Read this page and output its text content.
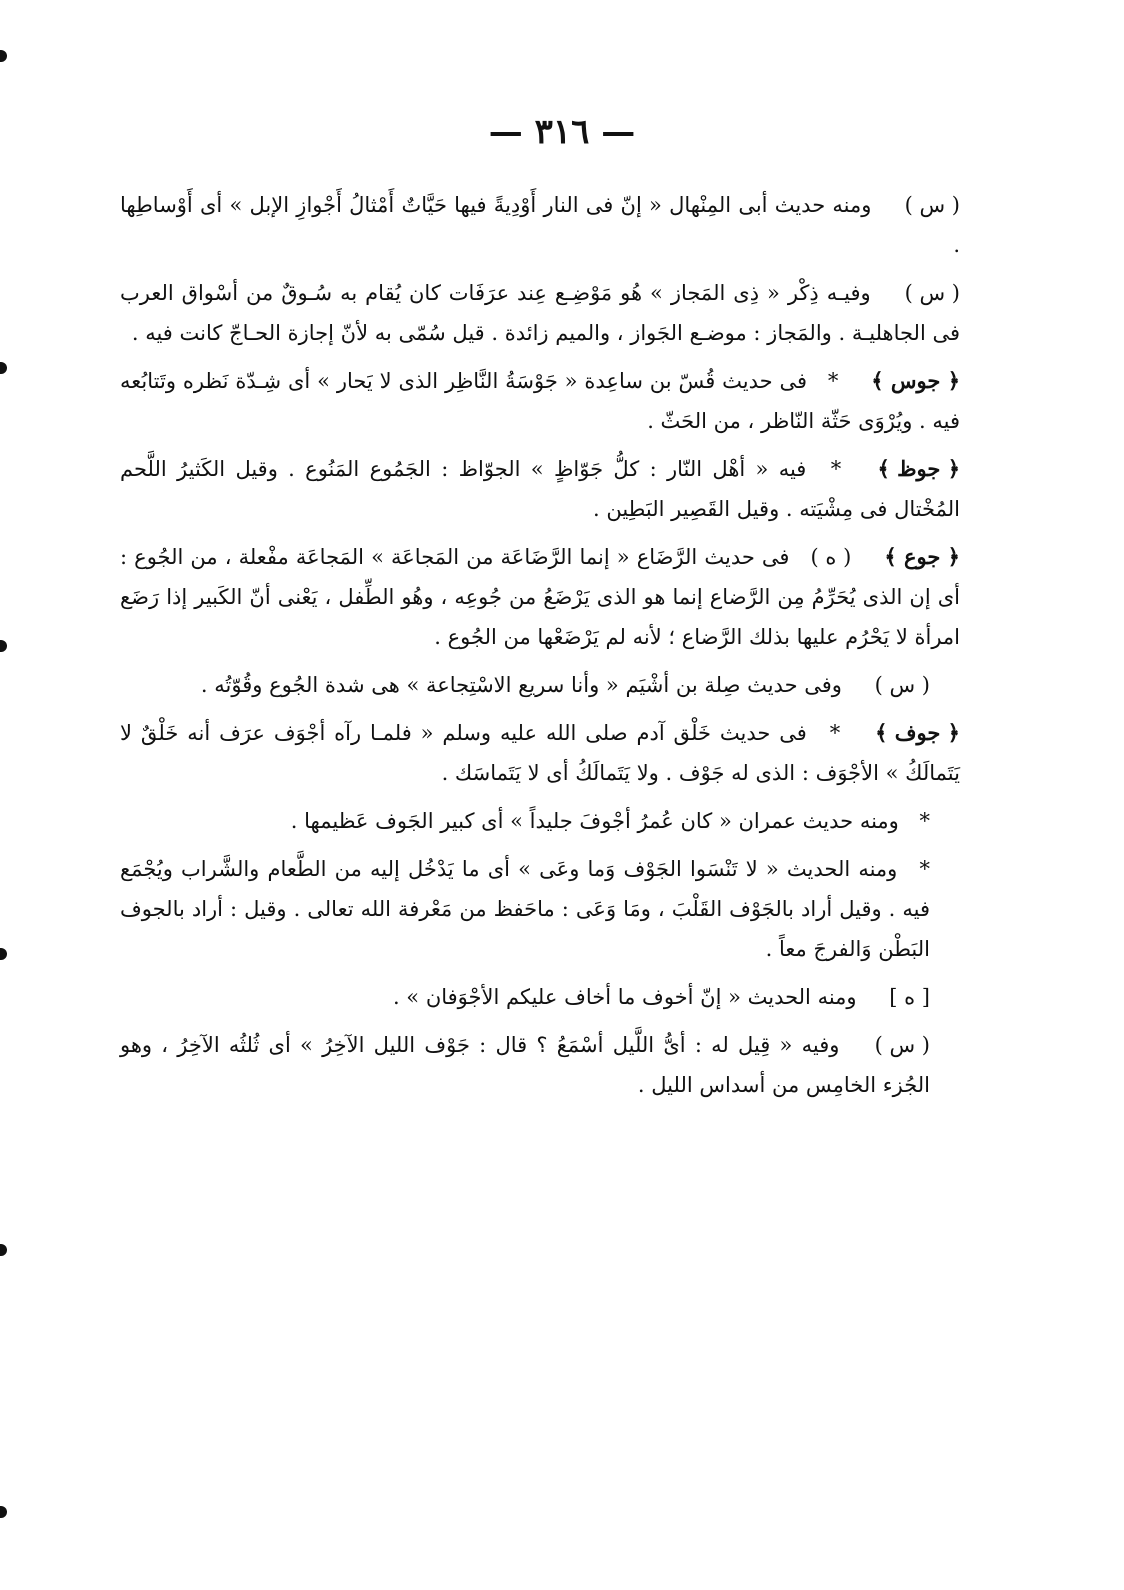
— ٣١٦ —

( س ) ومنه حديث أبى المِنْهال « إنّ فى النار أَوْدِيةً فيها حَيَّاتٌ أَمْثالُ أَجْوازِ الإبل » أى أَوْساطِها .

( س ) وفيـه ذِكْر « ذِى المَجاز » هُو مَوْضِـع عِند عرَفَات كان يُقام به سُـوقٌ من أسْواق العرب فى الجاهليـة . والمَجاز : موضـع الجَواز ، والميم زائدة . قيل سُمّى به لأنّ إجازة الحـاجّ كانت فيه .

﴿ جوس ﴾ * فى حديث قُسّ بن ساعِدة « جَوْسَةُ النَّاظِر الذى لا يَحار » أى شِـدّة نَظره وتَتابُعه فيه . ويُرْوَى حَثّة النّاظر ، من الحَثّ .

﴿ جوظ ﴾ * فيه « أهْل النّار : كلُّ جَوّاظٍ » الجوّاظ : الجَمُوع المَنُوع . وقيل الكَثيرُ اللَّحم المُخْتال فى مِشْيَته . وقيل القَصِير البَطِين .

﴿ جوع ﴾ ( ه ) فى حديث الرَّضَاع « إنما الرَّضَاعَة من المَجاعَة » المَجاعَة مفْعلة ، من الجُوع : أى إن الذى يُحَرِّمُ مِن الرَّضاع إنما هو الذى يَرْضَعُ من جُوعِه ، وهُو الطِّفل ، يَعْنى أنّ الكَبير إذا رَضَع امرأة لا يَحْرُم عليها بذلك الرَّضاع ؛ لأنه لم يَرْضَعْها من الجُوع .

( س ) وفى حديث صِلة بن أشْيَم « وأنا سريع الاسْتِجاعة » هى شدة الجُوع وقُوّتُه .

﴿ جوف ﴾ * فى حديث خَلْق آدم صلى الله عليه وسلم « فلمـا رآه أجْوَف عرَف أنه خَلْقٌ لا يَتَمالَكُ » الأجْوَف : الذى له جَوْف . ولا يَتَمالَكُ أى لا يَتَماسَك .

* ومنه حديث عمران « كان عُمرُ أجْوفَ جليداً » أى كبير الجَوف عَظيمها .

* ومنه الحديث « لا تَنْسَوا الجَوْف وَما وعَى » أى ما يَدْخُل إليه من الطَّعام والشَّراب ويُجْمَع فيه . وقيل أراد بالجَوْف القَلْبَ ، ومَا وَعَى : ماحَفظ من مَعْرفة الله تعالى . وقيل : أراد بالجوف البَطْن وَالفرجَ معاً .

[ ه ] ومنه الحديث « إنّ أخوف ما أخاف عليكم الأجْوَفان » .

( س ) وفيه « قِيل له : أىُّ اللَّيل أسْمَعُ ؟ قال : جَوْف الليل الآخِرُ » أى ثُلثُه الآخِرُ ، وهو الجُزء الخامِس من أسداس الليل .
